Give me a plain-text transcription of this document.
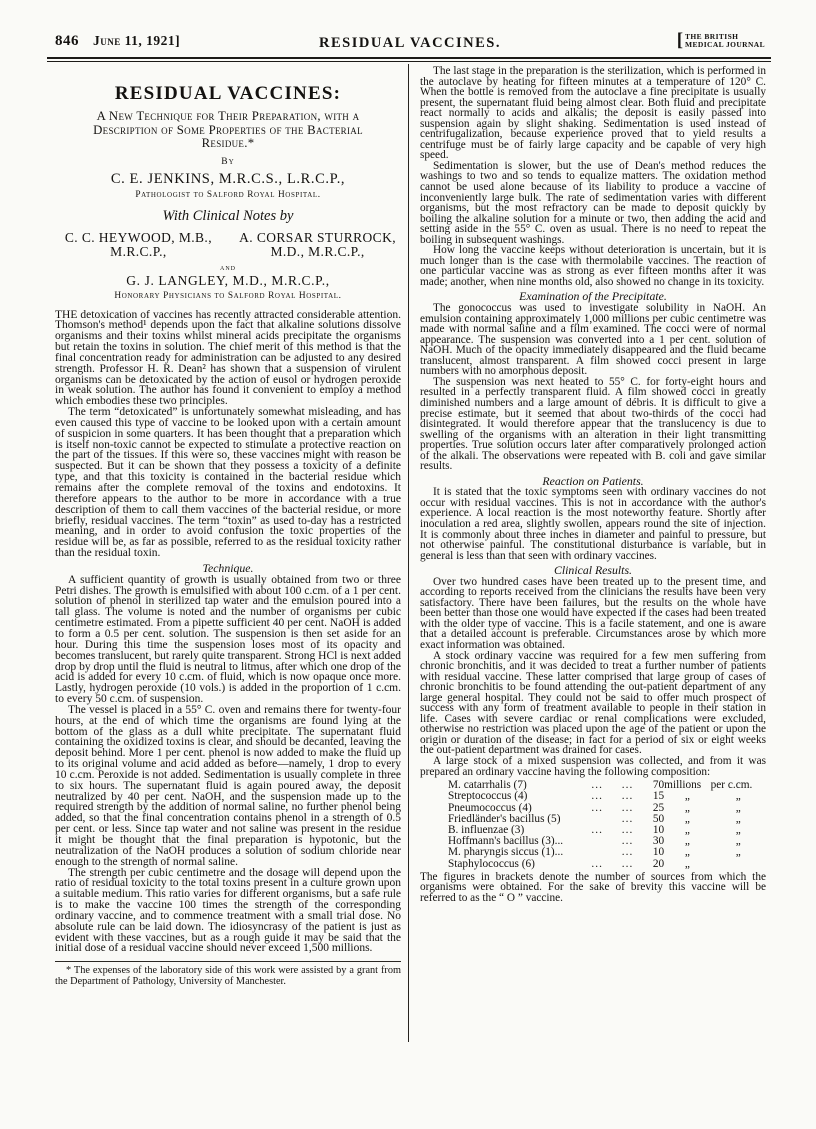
846 June 11, 1921]	RESIDUAL VACCINES.	[ THE BRITISH
MEDICAL JOURNAL
RESIDUAL VACCINES:
A New Technique for Their Preparation, with a Description of Some Properties of the Bacterial Residue.*
By
C. E. JENKINS, M.R.C.S., L.R.C.P.,
Pathologist to Salford Royal Hospital.
With Clinical Notes by
C. C. HEYWOOD, M.B., M.R.C.P.,
A. CORSAR STURROCK, M.D., M.R.C.P.,
and
G. J. LANGLEY, M.D., M.R.C.P.,
Honorary Physicians to Salford Royal Hospital.

THE detoxication of vaccines has recently attracted considerable attention. Thomson's method¹ depends upon the fact that alkaline solutions dissolve organisms and their toxins whilst mineral acids precipitate the organisms but retain the toxins in solution. The chief merit of this method is that the final concentration ready for administration can be adjusted to any desired strength. Professor H. R. Dean² has shown that a suspension of virulent organisms can be detoxicated by the action of eusol or hydrogen peroxide in weak solution. The author has found it convenient to employ a method which embodies these two principles.

The term “detoxicated” is unfortunately somewhat misleading, and has even caused this type of vaccine to be looked upon with a certain amount of suspicion in some quarters. It has been thought that a preparation which is itself non-toxic cannot be expected to stimulate a protective reaction on the part of the tissues. If this were so, these vaccines might with reason be suspected. But it can be shown that they possess a toxicity of a definite type, and that this toxicity is contained in the bacterial residue which remains after the complete removal of the toxins and endotoxins. It therefore appears to the author to be more in accordance with a true description of them to call them vaccines of the bacterial residue, or more briefly, residual vaccines. The term “toxin” as used to-day has a restricted meaning, and in order to avoid confusion the toxic properties of the residue will be, as far as possible, referred to as the residual toxicity rather than the residual toxin.

Technique.

A sufficient quantity of growth is usually obtained from two or three Petri dishes. The growth is emulsified with about 100 c.cm. of a 1 per cent. solution of phenol in sterilized tap water and the emulsion poured into a tall glass. The volume is noted and the number of organisms per cubic centimetre estimated. From a pipette sufficient 40 per cent. NaOH is added to form a 0.5 per cent. solution. The suspension is then set aside for an hour. During this time the suspension loses most of its opacity and becomes translucent, but rarely quite transparent. Strong HCl is next added drop by drop until the fluid is neutral to litmus, after which one drop of the acid is added for every 10 c.cm. of fluid, which is now opaque once more. Lastly, hydrogen peroxide (10 vols.) is added in the proportion of 1 c.cm. to every 50 c.cm. of suspension.

The vessel is placed in a 55° C. oven and remains there for twenty-four hours, at the end of which time the organisms are found lying at the bottom of the glass as a dull white precipitate. The supernatant fluid containing the oxidized toxins is clear, and should be decanted, leaving the deposit behind. More 1 per cent. phenol is now added to make the fluid up to its original volume and acid added as before—namely, 1 drop to every 10 c.cm. Peroxide is not added. Sedimentation is usually complete in three to six hours. The supernatant fluid is again poured away, the deposit neutralized by 40 per cent. NaOH, and the suspension made up to the required strength by the addition of normal saline, no further phenol being added, so that the final concentration contains phenol in a strength of 0.5 per cent. or less. Since tap water and not saline was present in the residue it might be thought that the final preparation is hypotonic, but the neutralization of the NaOH produces a solution of sodium chloride near enough to the strength of normal saline.

The strength per cubic centimetre and the dosage will depend upon the ratio of residual toxicity to the total toxins present in a culture grown upon a suitable medium. This ratio varies for different organisms, but a safe rule is to make the vaccine 100 times the strength of the corresponding ordinary vaccine, and to commence treatment with a small trial dose. No absolute rule can be laid down. The idiosyncrasy of the patient is just as evident with these vaccines, but as a rough guide it may be said that the initial dose of a residual vaccine should never exceed 1,500 millions.

* The expenses of the laboratory side of this work were assisted by a grant from the Department of Pathology, University of Manchester.

The last stage in the preparation is the sterilization, which is performed in the autoclave by heating for fifteen minutes at a temperature of 120° C. When the bottle is removed from the autoclave a fine precipitate is usually present, the supernatant fluid being almost clear. Both fluid and precipitate react normally to acids and alkalis; the deposit is easily passed into suspension again by slight shaking. Sedimentation is used instead of centrifugalization, because experience proved that to yield results a centrifuge must be of fairly large capacity and be capable of very high speed.

Sedimentation is slower, but the use of Dean's method reduces the washings to two and so tends to equalize matters. The oxidation method cannot be used alone because of its liability to produce a vaccine of inconveniently large bulk. The rate of sedimentation varies with different organisms, but the most refractory can be made to deposit quickly by boiling the alkaline solution for a minute or two, then adding the acid and setting aside in the 55° C. oven as usual. There is no need to repeat the boiling in subsequent washings.

How long the vaccine keeps without deterioration is uncertain, but it is much longer than is the case with thermolabile vaccines. The reaction of one particular vaccine was as strong as ever fifteen months after it was made; another, when nine months old, also showed no change in its toxicity.

Examination of the Precipitate.

The gonococcus was used to investigate solubility in NaOH. An emulsion containing approximately 1,000 millions per cubic centimetre was made with normal saline and a film examined. The cocci were of normal appearance. The suspension was converted into a 1 per cent. solution of NaOH. Much of the opacity immediately disappeared and the fluid became translucent, almost transparent. A film showed cocci present in large numbers with no amorphous deposit.

The suspension was next heated to 55° C. for forty-eight hours and resulted in a perfectly transparent fluid. A film showed cocci in greatly diminished numbers and a large amount of débris. It is difficult to give a precise estimate, but it seemed that about two-thirds of the cocci had disintegrated. It would therefore appear that the translucency is due to swelling of the organisms with an alteration in their light transmitting properties. True solution occurs later after comparatively prolonged action of the alkali. The observations were repeated with B. coli and gave similar results.

Reaction on Patients.

It is stated that the toxic symptoms seen with ordinary vaccines do not occur with residual vaccines. This is not in accordance with the author's experience. A local reaction is the most noteworthy feature. Shortly after inoculation a red area, slightly swollen, appears round the site of injection. It is commonly about three inches in diameter and painful to pressure, but not otherwise painful. The constitutional disturbance is variable, but in general is less than that seen with ordinary vaccines.

Clinical Results.

Over two hundred cases have been treated up to the present time, and according to reports received from the clinicians the results have been very satisfactory. There have been failures, but the results on the whole have been better than those one would have expected if the cases had been treated with the older type of vaccine. This is a facile statement, and one is aware that a detailed account is preferable. Circumstances arose by which more exact information was obtained.

A stock ordinary vaccine was required for a few men suffering from chronic bronchitis, and it was decided to treat a further number of patients with residual vaccine. These latter comprised that large group of cases of chronic bronchitis to be found attending the out-patient department of any large general hospital. They could not be said to offer much prospect of success with any form of treatment available to people in their station in life. Cases with severe cardiac or renal complications were excluded, otherwise no restriction was placed upon the age of the patient or upon the origin or duration of the disease; in fact for a period of six or eight weeks the out-patient department was drained for cases.

A large stock of a mixed suspension was collected, and from it was prepared an ordinary vaccine having the following composition:

M. catarrhalis (7)	...	...	70 millions per c.cm.
Streptococcus (4)	...	...	15	„	„
Pneumococcus (4)	...	...	25	„	„
Friedländer's bacillus (5)	...	50	„	„
B. influenzae (3)	...	...	10	„	„
Hoffmann's bacillus (3)...	...	30	„	„
M. pharyngis siccus (1)...	...	10	„	„
Staphylococcus (6)	...	...	20	„

The figures in brackets denote the number of sources from which the organisms were obtained. For the sake of brevity this vaccine will be referred to as the “ O ” vaccine.
